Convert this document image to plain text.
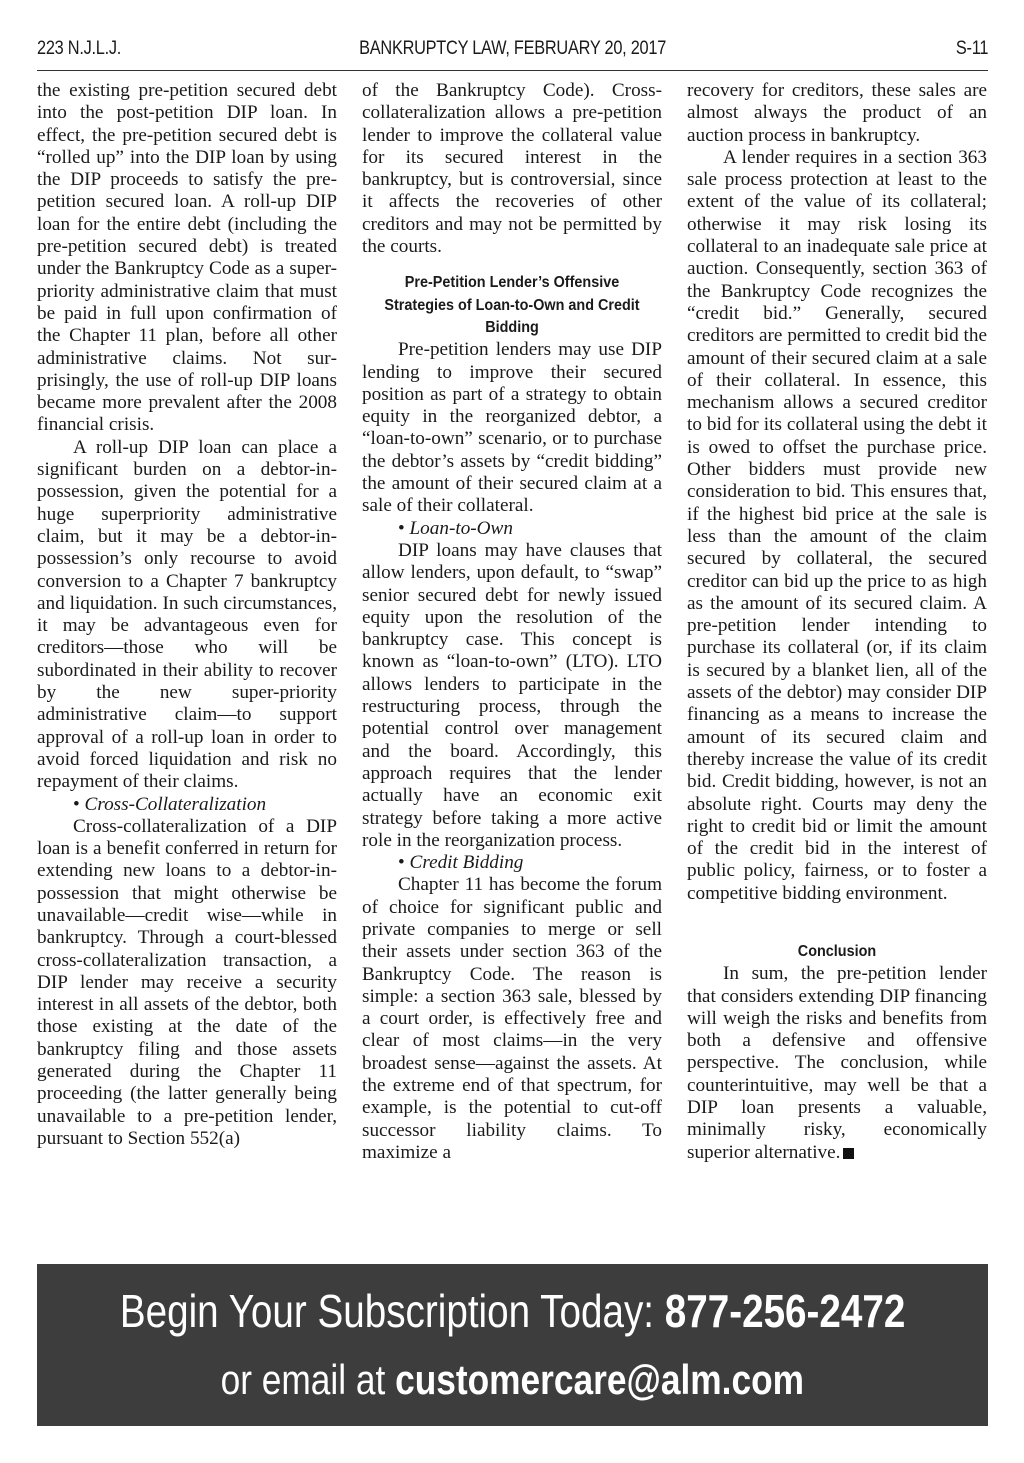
223 N.J.L.J.	BANKRUPTCY LAW, FEBRUARY 20, 2017	S-11

the existing pre-petition secured debt into the post-petition DIP loan. In effect, the pre-petition secured debt is “rolled up” into the DIP loan by using the DIP proceeds to satisfy the pre-petition secured loan. A roll-up DIP loan for the entire debt (including the pre-petition secured debt) is treated under the Bankruptcy Code as a super-priority administrative claim that must be paid in full upon confirmation of the Chapter 11 plan, before all other administrative claims. Not surprisingly, the use of roll-up DIP loans became more prevalent after the 2008 financial crisis.

A roll-up DIP loan can place a significant burden on a debtor-in-possession, given the potential for a huge superpriority administrative claim, but it may be a debtor-in-possession’s only recourse to avoid conversion to a Chapter 7 bankruptcy and liquidation. In such circumstances, it may be advantageous even for creditors—those who will be subordinated in their ability to recover by the new super-priority administrative claim—to support approval of a roll-up loan in order to avoid forced liquidation and risk no repayment of their claims.

• Cross-Collateralization

Cross-collateralization of a DIP loan is a benefit conferred in return for extending new loans to a debtor-in-possession that might otherwise be unavailable—credit wise—while in bankruptcy. Through a court-blessed cross-collateralization transaction, a DIP lender may receive a security interest in all assets of the debtor, both those existing at the date of the bankruptcy filing and those assets generated during the Chapter 11 proceeding (the latter generally being unavailable to a pre-petition lender, pursuant to Section 552(a)

of the Bankruptcy Code). Cross-collateralization allows a pre-petition lender to improve the collateral value for its secured interest in the bankruptcy, but is controversial, since it affects the recoveries of other creditors and may not be permitted by the courts.

Pre-Petition Lender’s Offensive Strategies of Loan-to-Own and Credit Bidding

Pre-petition lenders may use DIP lending to improve their secured position as part of a strategy to obtain equity in the reorganized debtor, a “loan-to-own” scenario, or to purchase the debtor’s assets by “credit bidding” the amount of their secured claim at a sale of their collateral.

• Loan-to-Own

DIP loans may have clauses that allow lenders, upon default, to “swap” senior secured debt for newly issued equity upon the resolution of the bankruptcy case. This concept is known as “loan-to-own” (LTO). LTO allows lenders to participate in the restructuring process, through the potential control over management and the board. Accordingly, this approach requires that the lender actually have an economic exit strategy before taking a more active role in the reorganization process.

• Credit Bidding

Chapter 11 has become the forum of choice for significant public and private companies to merge or sell their assets under section 363 of the Bankruptcy Code. The reason is simple: a section 363 sale, blessed by a court order, is effectively free and clear of most claims—in the very broadest sense—against the assets. At the extreme end of that spectrum, for example, is the potential to cut-off successor liability claims. To maximize a

recovery for creditors, these sales are almost always the product of an auction process in bankruptcy.

A lender requires in a section 363 sale process protection at least to the extent of the value of its collateral; otherwise it may risk losing its collateral to an inadequate sale price at auction. Consequently, section 363 of the Bankruptcy Code recognizes the “credit bid.” Generally, secured creditors are permitted to credit bid the amount of their secured claim at a sale of their collateral. In essence, this mechanism allows a secured creditor to bid for its collateral using the debt it is owed to offset the purchase price. Other bidders must provide new consideration to bid. This ensures that, if the highest bid price at the sale is less than the amount of the claim secured by collateral, the secured creditor can bid up the price to as high as the amount of its secured claim. A pre-petition lender intending to purchase its collateral (or, if its claim is secured by a blanket lien, all of the assets of the debtor) may consider DIP financing as a means to increase the amount of its secured claim and thereby increase the value of its credit bid. Credit bidding, however, is not an absolute right. Courts may deny the right to credit bid or limit the amount of the credit bid in the interest of public policy, fairness, or to foster a competitive bidding environment.

Conclusion

In sum, the pre-petition lender that considers extending DIP financing will weigh the risks and benefits from both a defensive and offensive perspective. The conclusion, while counterintuitive, may well be that a DIP loan presents a valuable, minimally risky, economically superior alternative.

Begin Your Subscription Today: 877-256-2472
or email at customercare@alm.com
